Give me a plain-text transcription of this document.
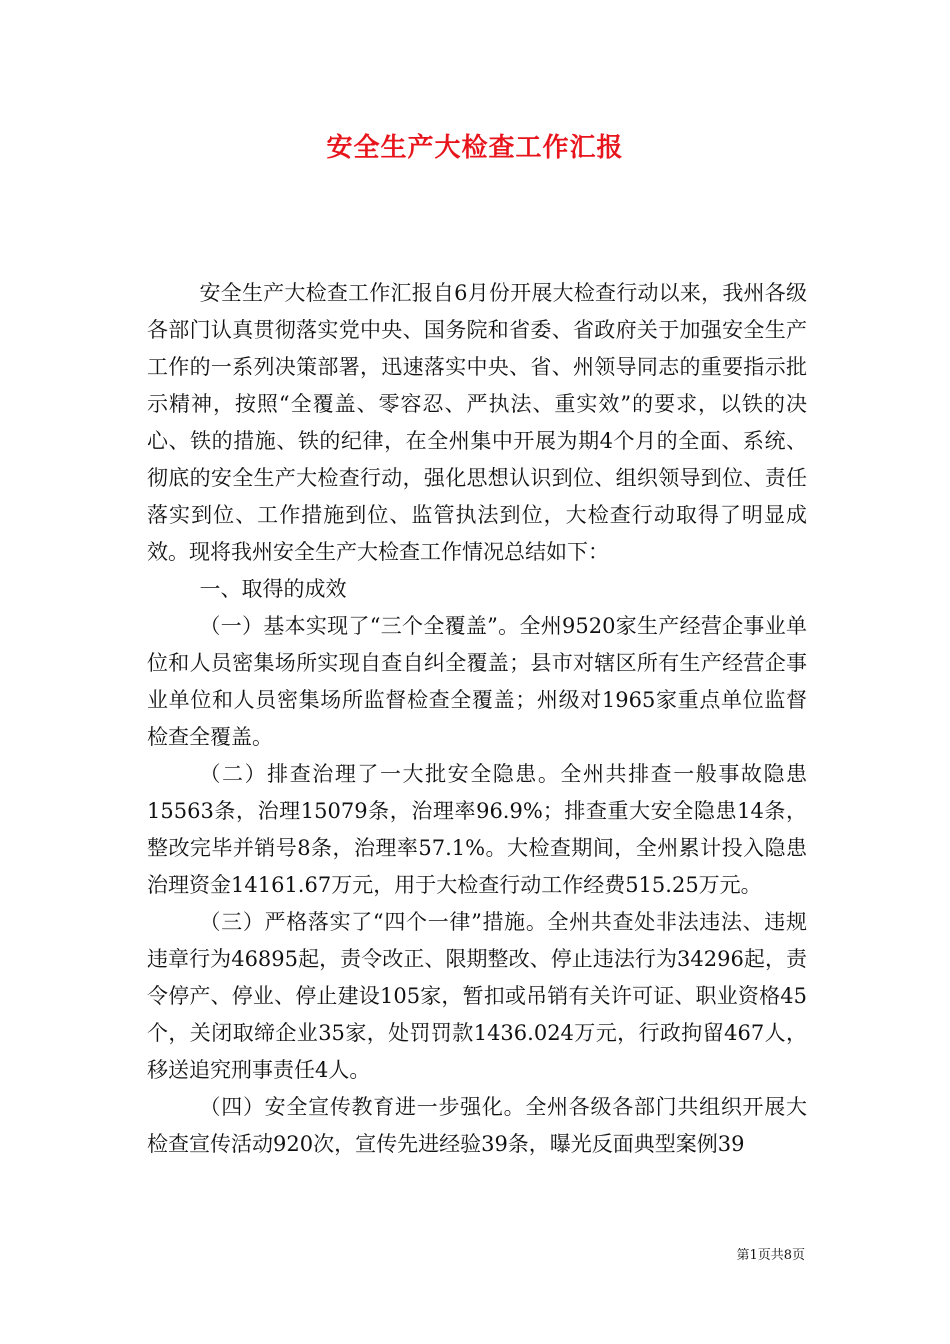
安全生产大检查工作汇报

安全生产大检查工作汇报自6月份开展大检查行动以来，我州各级各部门认真贯彻落实党中央、国务院和省委、省政府关于加强安全生产工作的一系列决策部署，迅速落实中央、省、州领导同志的重要指示批示精神，按照“全覆盖、零容忍、严执法、重实效”的要求，以铁的决心、铁的措施、铁的纪律，在全州集中开展为期4个月的全面、系统、彻底的安全生产大检查行动，强化思想认识到位、组织领导到位、责任落实到位、工作措施到位、监管执法到位，大检查行动取得了明显成效。现将我州安全生产大检查工作情况总结如下：

一、取得的成效

（一）基本实现了“三个全覆盖”。全州9520家生产经营企事业单位和人员密集场所实现自查自纠全覆盖；县市对辖区所有生产经营企事业单位和人员密集场所监督检查全覆盖；州级对1965家重点单位监督检查全覆盖。

（二）排查治理了一大批安全隐患。全州共排查一般事故隐患15563条，治理15079条，治理率96.9%；排查重大安全隐患14条，整改完毕并销号8条，治理率57.1%。大检查期间，全州累计投入隐患治理资金14161.67万元，用于大检查行动工作经费515.25万元。

（三）严格落实了“四个一律”措施。全州共查处非法违法、违规违章行为46895起，责令改正、限期整改、停止违法行为34296起，责令停产、停业、停止建设105家，暂扣或吊销有关许可证、职业资格45个，关闭取缔企业35家，处罚罚款1436.024万元，行政拘留467人，移送追究刑事责任4人。

（四）安全宣传教育进一步强化。全州各级各部门共组织开展大检查宣传活动920次，宣传先进经验39条，曝光反面典型案例39

第1页共8页
